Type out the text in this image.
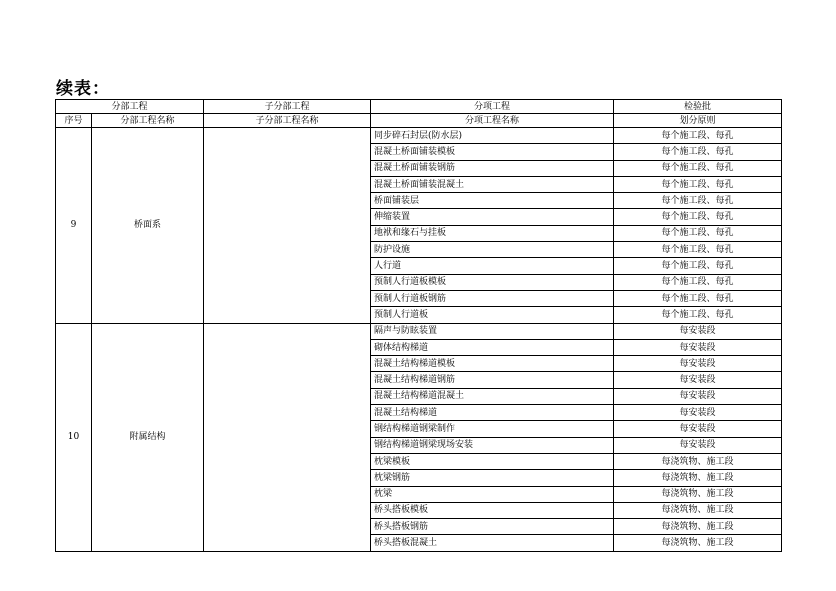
续表：
分部工程		子分部工程	分项工程	检验批
序号	分部工程名称	子分部工程名称	分项工程名称	划分原则
9	桥面系		同步碎石封层(防水层)	每个施工段、每孔
			混凝土桥面铺装模板	每个施工段、每孔
			混凝土桥面铺装钢筋	每个施工段、每孔
			混凝土桥面铺装混凝土	每个施工段、每孔
			桥面铺装层	每个施工段、每孔
			伸缩装置	每个施工段、每孔
			地袱和缘石与挂板	每个施工段、每孔
			防护设施	每个施工段、每孔
			人行道	每个施工段、每孔
			预制人行道板模板	每个施工段、每孔
			预制人行道板钢筋	每个施工段、每孔
			预制人行道板	每个施工段、每孔
10	附属结构		隔声与防眩装置	每安装段
			砌体结构梯道	每安装段
			混凝土结构梯道模板	每安装段
			混凝土结构梯道钢筋	每安装段
			混凝土结构梯道混凝土	每安装段
			混凝土结构梯道	每安装段
			钢结构梯道钢梁制作	每安装段
			钢结构梯道钢梁现场安装	每安装段
			枕梁模板	每浇筑物、施工段
			枕梁钢筋	每浇筑物、施工段
			枕梁	每浇筑物、施工段
			桥头搭板模板	每浇筑物、施工段
			桥头搭板钢筋	每浇筑物、施工段
			桥头搭板混凝土	每浇筑物、施工段
